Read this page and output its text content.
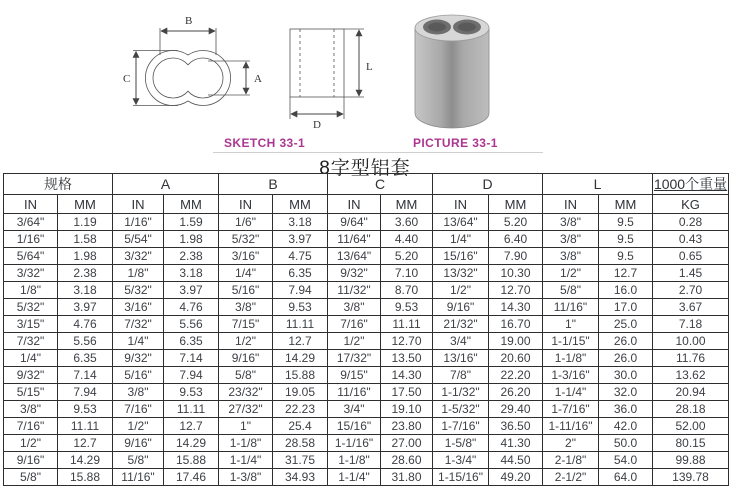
B
C	A
L
D
SKETCH 33-1	PICTURE 33-1
8字型铝套
规格		A		B		C		D		L		1000个重量
IN	MM	IN	MM	IN	MM	IN	MM	IN	MM	IN	MM	KG
3/64"	1.19	1/16"	1.59	1/6"	3.18	9/64"	3.60	13/64"	5.20	3/8"	9.5	0.28
1/16"	1.58	5/54"	1.98	5/32"	3.97	11/64"	4.40	1/4"	6.40	3/8"	9.5	0.43
5/64"	1.98	3/32"	2.38	3/16"	4.75	13/64"	5.20	15/16"	7.90	3/8"	9.5	0.65
3/32"	2.38	1/8"	3.18	1/4"	6.35	9/32"	7.10	13/32"	10.30	1/2"	12.7	1.45
1/8"	3.18	5/32"	3.97	5/16"	7.94	11/32"	8.70	1/2"	12.70	5/8"	16.0	2.70
5/32"	3.97	3/16"	4.76	3/8"	9.53	3/8"	9.53	9/16"	14.30	11/16"	17.0	3.67
3/15"	4.76	7/32"	5.56	7/15"	11.11	7/16"	11.11	21/32"	16.70	1"	25.0	7.18
7/32"	5.56	1/4"	6.35	1/2"	12.7	1/2"	12.70	3/4"	19.00	1-1/15"	26.0	10.00
1/4"	6.35	9/32"	7.14	9/16"	14.29	17/32"	13.50	13/16"	20.60	1-1/8"	26.0	11.76
9/32"	7.14	5/16"	7.94	5/8"	15.88	9/15"	14.30	7/8"	22.20	1-3/16"	30.0	13.62
5/15"	7.94	3/8"	9.53	23/32"	19.05	11/16"	17.50	1-1/32"	26.20	1-1/4"	32.0	20.94
3/8"	9.53	7/16"	11.11	27/32"	22.23	3/4"	19.10	1-5/32"	29.40	1-7/16"	36.0	28.18
7/16"	11.11	1/2"	12.7	1"	25.4	15/16"	23.80	1-7/16"	36.50	1-11/16"	42.0	52.00
1/2"	12.7	9/16"	14.29	1-1/8"	28.58	1-1/16"	27.00	1-5/8"	41.30	2"	50.0	80.15
9/16"	14.29	5/8"	15.88	1-1/4"	31.75	1-1/8"	28.60	1-3/4"	44.50	2-1/8"	54.0	99.88
5/8"	15.88	11/16"	17.46	1-3/8"	34.93	1-1/4"	31.80	1-15/16"	49.20	2-1/2"	64.0	139.78
